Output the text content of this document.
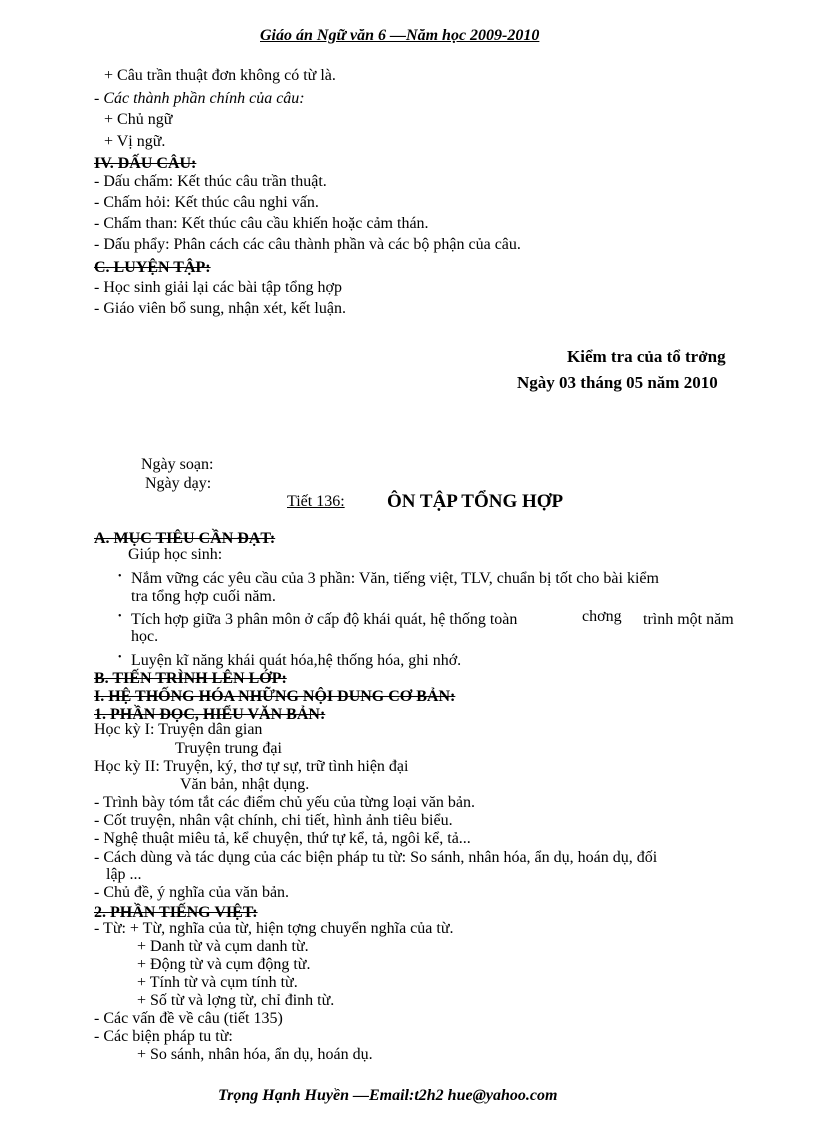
Giáo án Ngữ văn 6 —Năm học 2009-2010
+ Câu trần thuật đơn không có từ là.
- Các thành phần chính của câu:
+ Chủ ngữ
+ Vị ngữ.
IV. DẤU CÂU:
- Dấu chấm: Kết thúc câu trần thuật.
- Chấm hỏi: Kết thúc câu nghi vấn.
- Chấm than: Kết thúc câu cầu khiến hoặc cảm thán.
- Dấu phẩy: Phân cách các câu thành phần và các bộ phận của câu.
C. LUYỆN TẬP:
- Học sinh giải lại các bài tập tổng hợp
- Giáo viên bổ sung, nhận xét, kết luận.
Kiểm tra của tổ trởng
Ngày 03 tháng 05 năm 2010
Ngày soạn:
Ngày dạy:
Tiết 136: ÔN TẬP TỔNG HỢP
A. MỤC TIÊU CẦN ĐẠT:
Giúp học sinh:
• Nắm vững các yêu cầu của 3 phần: Văn, tiếng việt, TLV, chuẩn bị tốt cho bài kiểm
tra tổng hợp cuối năm.
• Tích hợp giữa 3 phân môn ở cấp độ khái quát, hệ thống toàn	chơng trình một năm
học.
• Luyện kĩ năng khái quát hóa,hệ thống hóa, ghi nhớ.
B. TIẾN TRÌNH LÊN LỚP:
I. HỆ THỐNG HÓA NHỮNG NỘI DUNG CƠ BẢN:
1. PHẦN ĐỌC, HIỂU VĂN BẢN:
Học kỳ I: Truyện dân gian
Truyện trung đại
Học kỳ II: Truyện, ký, thơ tự sự, trữ tình hiện đại
Văn bản, nhật dụng.
- Trình bày tóm tắt các điểm chủ yếu của từng loại văn bản.
- Cốt truyện, nhân vật chính, chi tiết, hình ảnh tiêu biểu.
- Nghệ thuật miêu tả, kể chuyện, thứ tự kể, tả, ngôi kể, tả...
- Cách dùng và tác dụng của các biện pháp tu từ: So sánh, nhân hóa, ẩn dụ, hoán dụ, đối
lập ...
- Chủ đề, ý nghĩa của văn bản.
2. PHẦN TIẾNG VIỆT:
- Từ: + Từ, nghĩa của từ, hiện tợng chuyển nghĩa của từ.
+ Danh từ và cụm danh từ.
+ Động từ và cụm động từ.
+ Tính từ và cụm tính từ.
+ Số từ và lợng từ, chỉ đinh từ.
- Các vấn đề về câu (tiết 135)
- Các biện pháp tu từ:
+ So sánh, nhân hóa, ẩn dụ, hoán dụ.
Trọng Hạnh Huyền —Email:t2h2 hue@yahoo.com
